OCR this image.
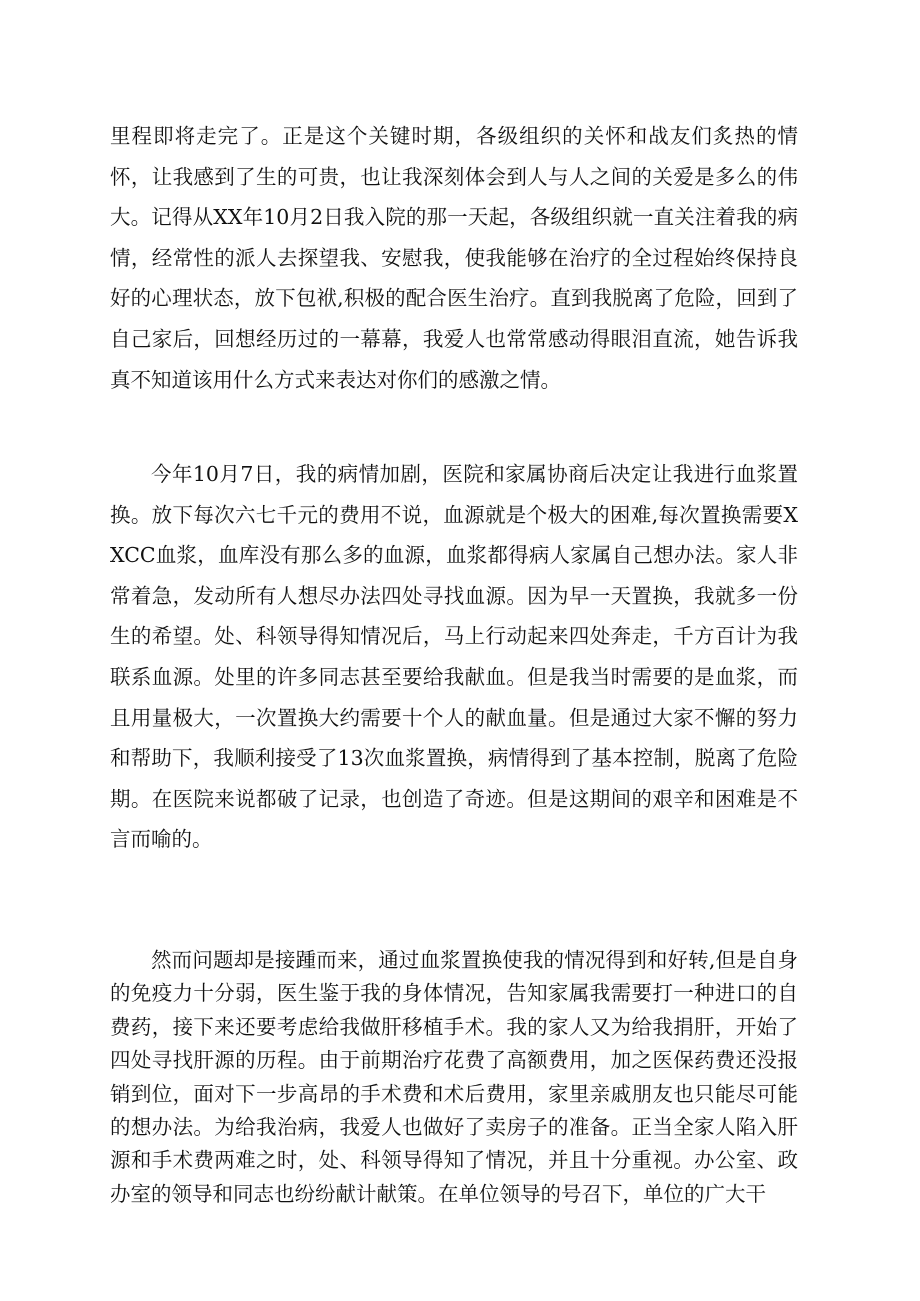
里程即将走完了。正是这个关键时期，各级组织的关怀和战友们炙热的情怀，让我感到了生的可贵，也让我深刻体会到人与人之间的关爱是多么的伟大。记得从XX年10月2日我入院的那一天起，各级组织就一直关注着我的病情，经常性的派人去探望我、安慰我，使我能够在治疗的全过程始终保持良好的心理状态，放下包袱,积极的配合医生治疗。直到我脱离了危险，回到了自己家后，回想经历过的一幕幕，我爱人也常常感动得眼泪直流，她告诉我真不知道该用什么方式来表达对你们的感激之情。

今年10月7日，我的病情加剧，医院和家属协商后决定让我进行血浆置换。放下每次六七千元的费用不说，血源就是个极大的困难,每次置换需要XXCC血浆，血库没有那么多的血源，血浆都得病人家属自己想办法。家人非常着急，发动所有人想尽办法四处寻找血源。因为早一天置换，我就多一份生的希望。处、科领导得知情况后，马上行动起来四处奔走，千方百计为我联系血源。处里的许多同志甚至要给我献血。但是我当时需要的是血浆，而且用量极大，一次置换大约需要十个人的献血量。但是通过大家不懈的努力和帮助下，我顺利接受了13次血浆置换，病情得到了基本控制，脱离了危险期。在医院来说都破了记录，也创造了奇迹。但是这期间的艰辛和困难是不言而喻的。

然而问题却是接踵而来，通过血浆置换使我的情况得到和好转,但是自身的免疫力十分弱，医生鉴于我的身体情况，告知家属我需要打一种进口的自费药，接下来还要考虑给我做肝移植手术。我的家人又为给我捐肝，开始了四处寻找肝源的历程。由于前期治疗花费了高额费用，加之医保药费还没报销到位，面对下一步高昂的手术费和术后费用，家里亲戚朋友也只能尽可能的想办法。为给我治病，我爱人也做好了卖房子的准备。正当全家人陷入肝源和手术费两难之时，处、科领导得知了情况，并且十分重视。办公室、政办室的领导和同志也纷纷献计献策。在单位领导的号召下，单位的广大干
